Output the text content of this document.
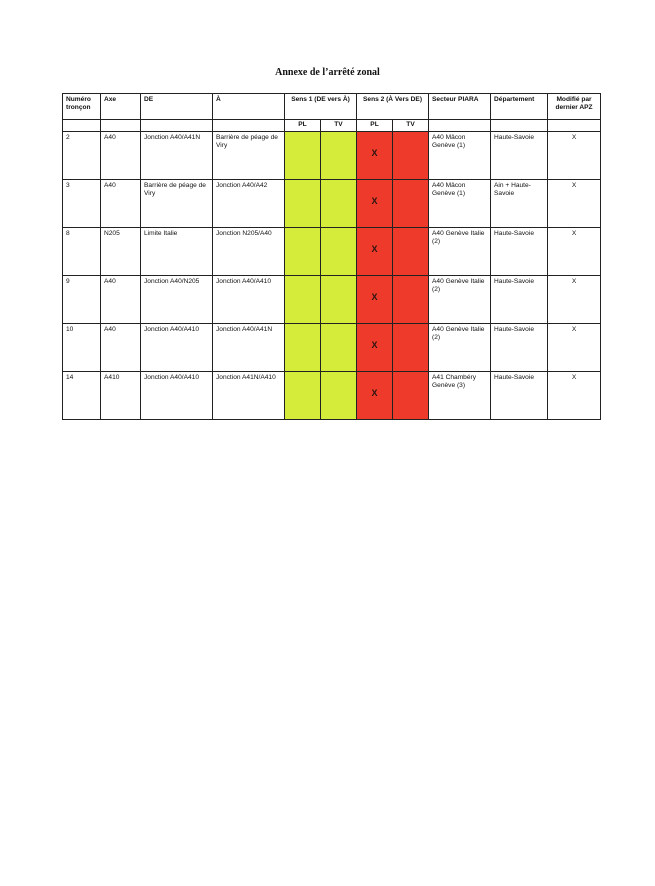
Annexe de l’arrêté zonal
Numéro tronçon	Axe	DE	À	Sens 1 (DE vers À)		Sens 2 (À Vers DE)		Secteur PIARA	Département	Modifié par dernier APZ
				PL	TV	PL	TV			
2	A40	Jonction A40/A41N	Barrière de péage de Viry			X		A40 Mâcon Genève (1)	Haute-Savoie	X
3	A40	Barrière de péage de Viry	Jonction A40/A42			X		A40 Mâcon Genève (1)	Ain + Haute-Savoie	X
8	N205	Limite Italie	Jonction N205/A40			X		A40 Genève Italie (2)	Haute-Savoie	X
9	A40	Jonction A40/N205	Jonction A40/A410			X		A40 Genève Italie (2)	Haute-Savoie	X
10	A40	Jonction A40/A410	Jonction A40/A41N			X		A40 Genève Italie (2)	Haute-Savoie	X
14	A410	Jonction A40/A410	Jonction A41N/A410			X		A41 Chambéry Genève (3)	Haute-Savoie	X
